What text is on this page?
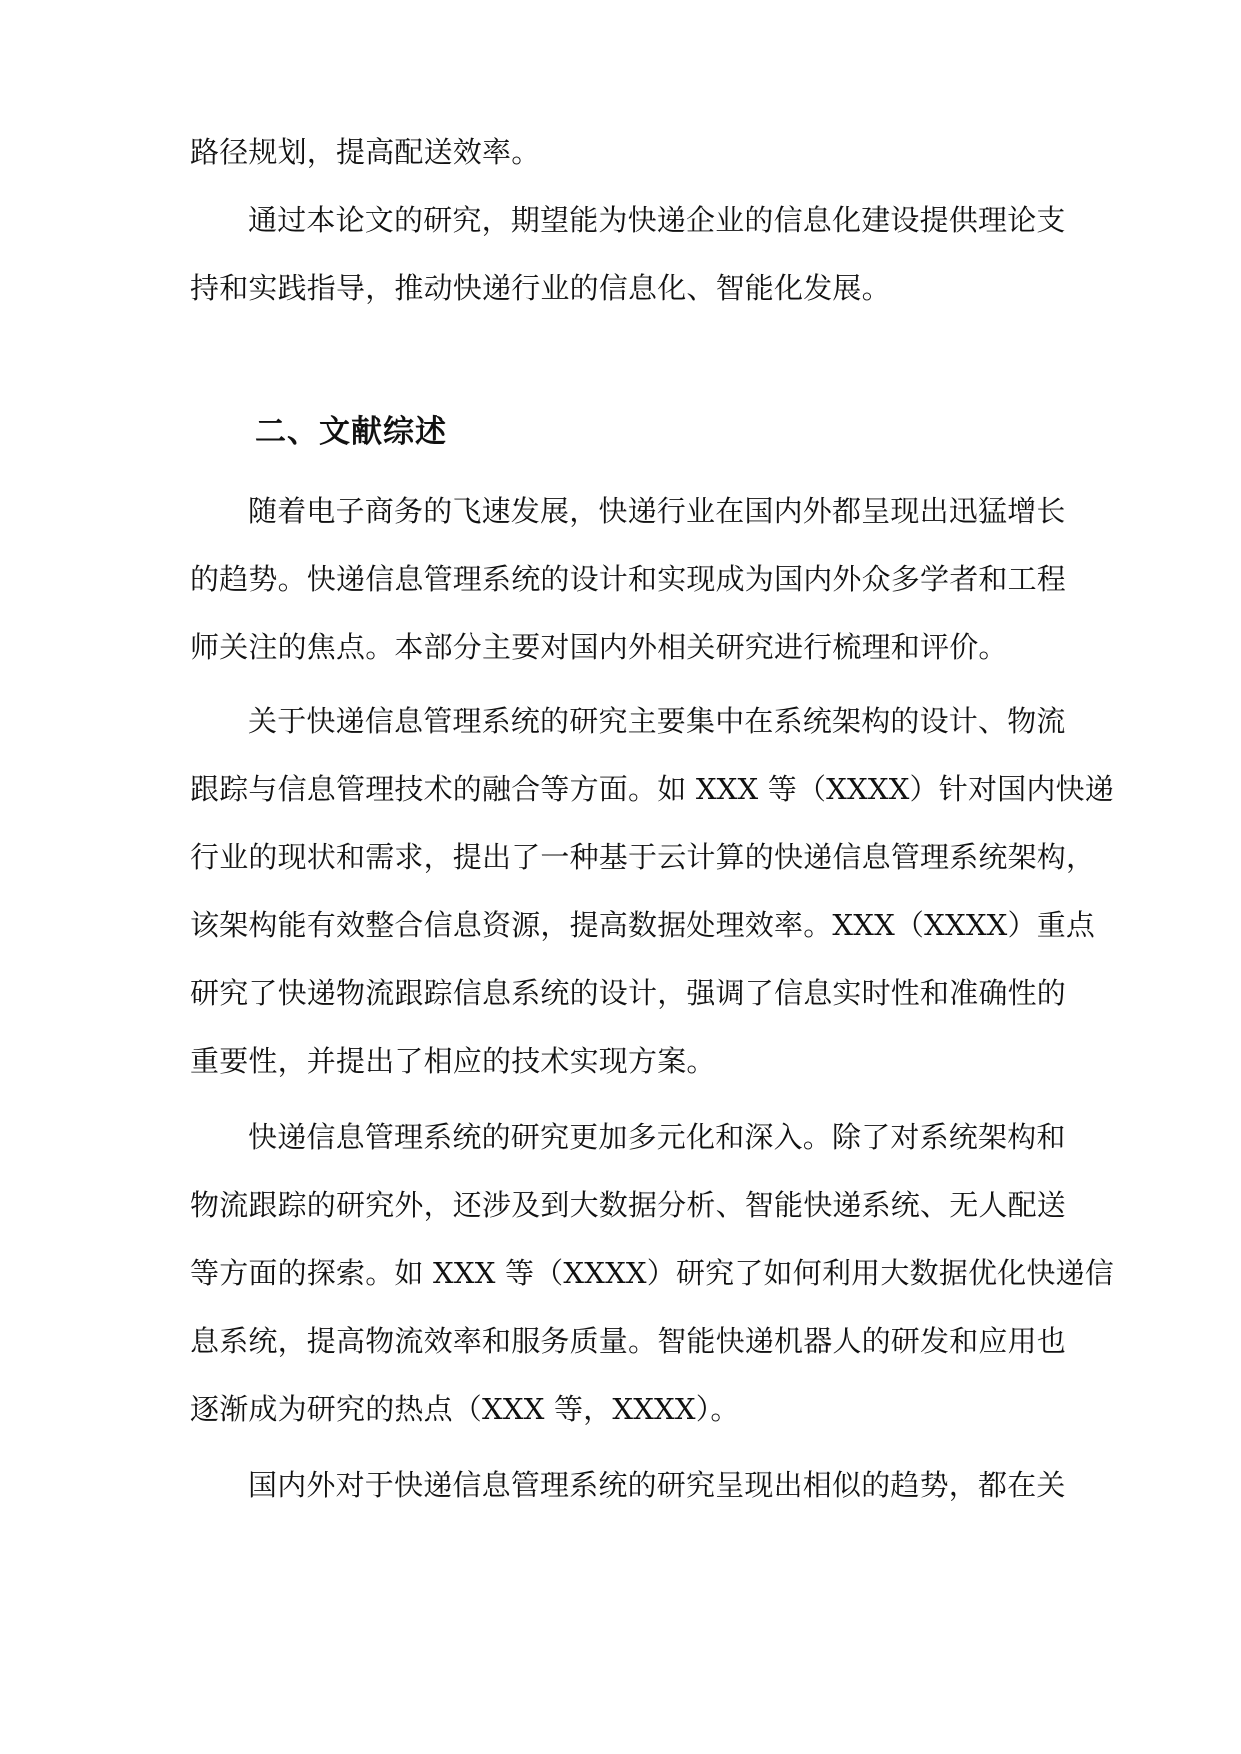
路径规划，提高配送效率。
通过本论文的研究，期望能为快递企业的信息化建设提供理论支
持和实践指导，推动快递行业的信息化、智能化发展。
二、文献综述
随着电子商务的飞速发展，快递行业在国内外都呈现出迅猛增长
的趋势。快递信息管理系统的设计和实现成为国内外众多学者和工程
师关注的焦点。本部分主要对国内外相关研究进行梳理和评价。
关于快递信息管理系统的研究主要集中在系统架构的设计、物流
跟踪与信息管理技术的融合等方面。如 XXX 等（XXXX）针对国内快递
行业的现状和需求，提出了一种基于云计算的快递信息管理系统架构，
该架构能有效整合信息资源，提高数据处理效率。XXX（XXXX）重点
研究了快递物流跟踪信息系统的设计，强调了信息实时性和准确性的
重要性，并提出了相应的技术实现方案。
快递信息管理系统的研究更加多元化和深入。除了对系统架构和
物流跟踪的研究外，还涉及到大数据分析、智能快递系统、无人配送
等方面的探索。如 XXX 等（XXXX）研究了如何利用大数据优化快递信
息系统，提高物流效率和服务质量。智能快递机器人的研发和应用也
逐渐成为研究的热点（XXX 等，XXXX）。
国内外对于快递信息管理系统的研究呈现出相似的趋势，都在关
